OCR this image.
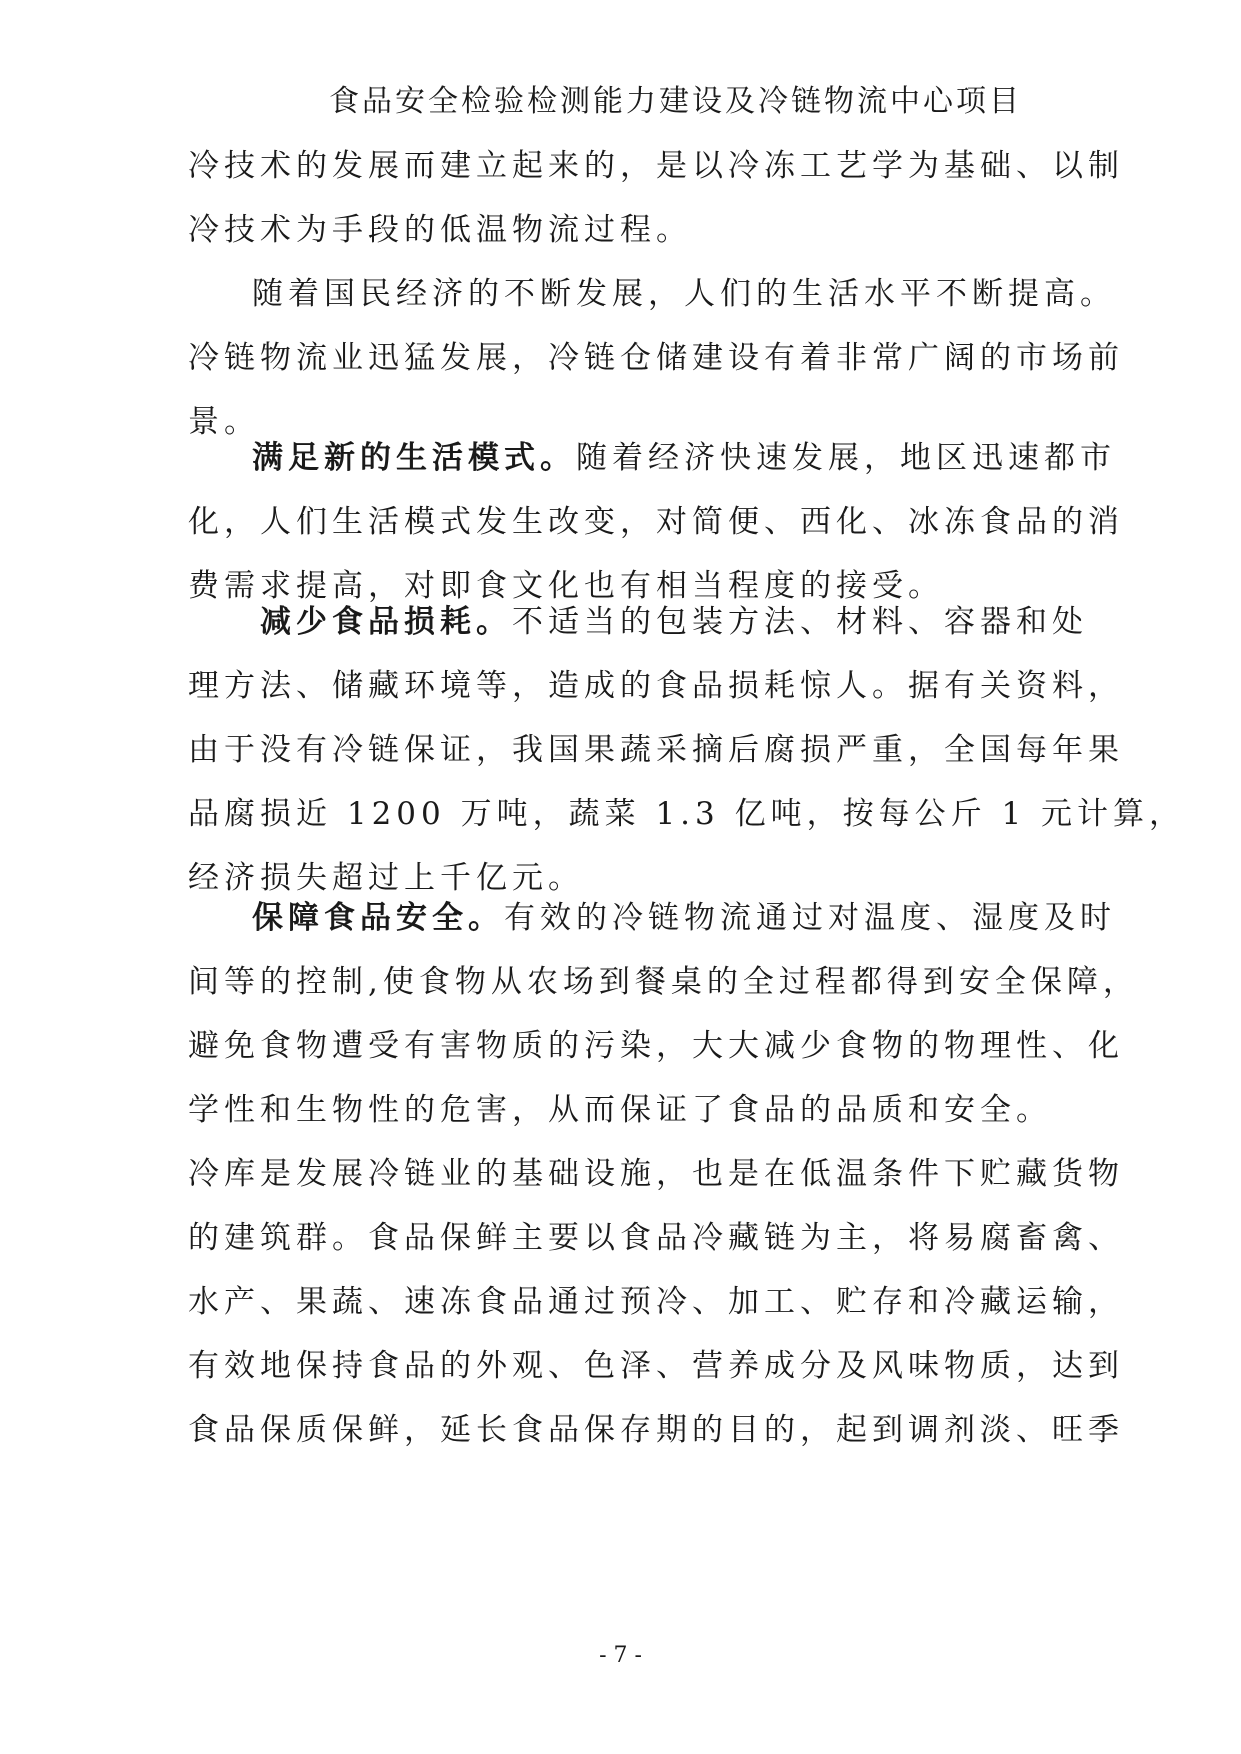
食品安全检验检测能力建设及冷链物流中心项目
冷技术的发展而建立起来的，是以冷冻工艺学为基础、以制
冷技术为手段的低温物流过程。
随着国民经济的不断发展，人们的生活水平不断提高。
冷链物流业迅猛发展，冷链仓储建设有着非常广阔的市场前
景。
满足新的生活模式。随着经济快速发展，地区迅速都市
化，人们生活模式发生改变，对简便、西化、冰冻食品的消
费需求提高，对即食文化也有相当程度的接受。
减少食品损耗。不适当的包装方法、材料、容器和处
理方法、储藏环境等，造成的食品损耗惊人。据有关资料，
由于没有冷链保证，我国果蔬采摘后腐损严重，全国每年果
品腐损近 1200 万吨，蔬菜 1.3 亿吨，按每公斤 1 元计算，
经济损失超过上千亿元。
保障食品安全。有效的冷链物流通过对温度、湿度及时
间等的控制,使食物从农场到餐桌的全过程都得到安全保障，
避免食物遭受有害物质的污染，大大减少食物的物理性、化
学性和生物性的危害，从而保证了食品的品质和安全。
冷库是发展冷链业的基础设施，也是在低温条件下贮藏货物
的建筑群。食品保鲜主要以食品冷藏链为主，将易腐畜禽、
水产、果蔬、速冻食品通过预冷、加工、贮存和冷藏运输，
有效地保持食品的外观、色泽、营养成分及风味物质，达到
食品保质保鲜，延长食品保存期的目的，起到调剂淡、旺季
- 7 -
